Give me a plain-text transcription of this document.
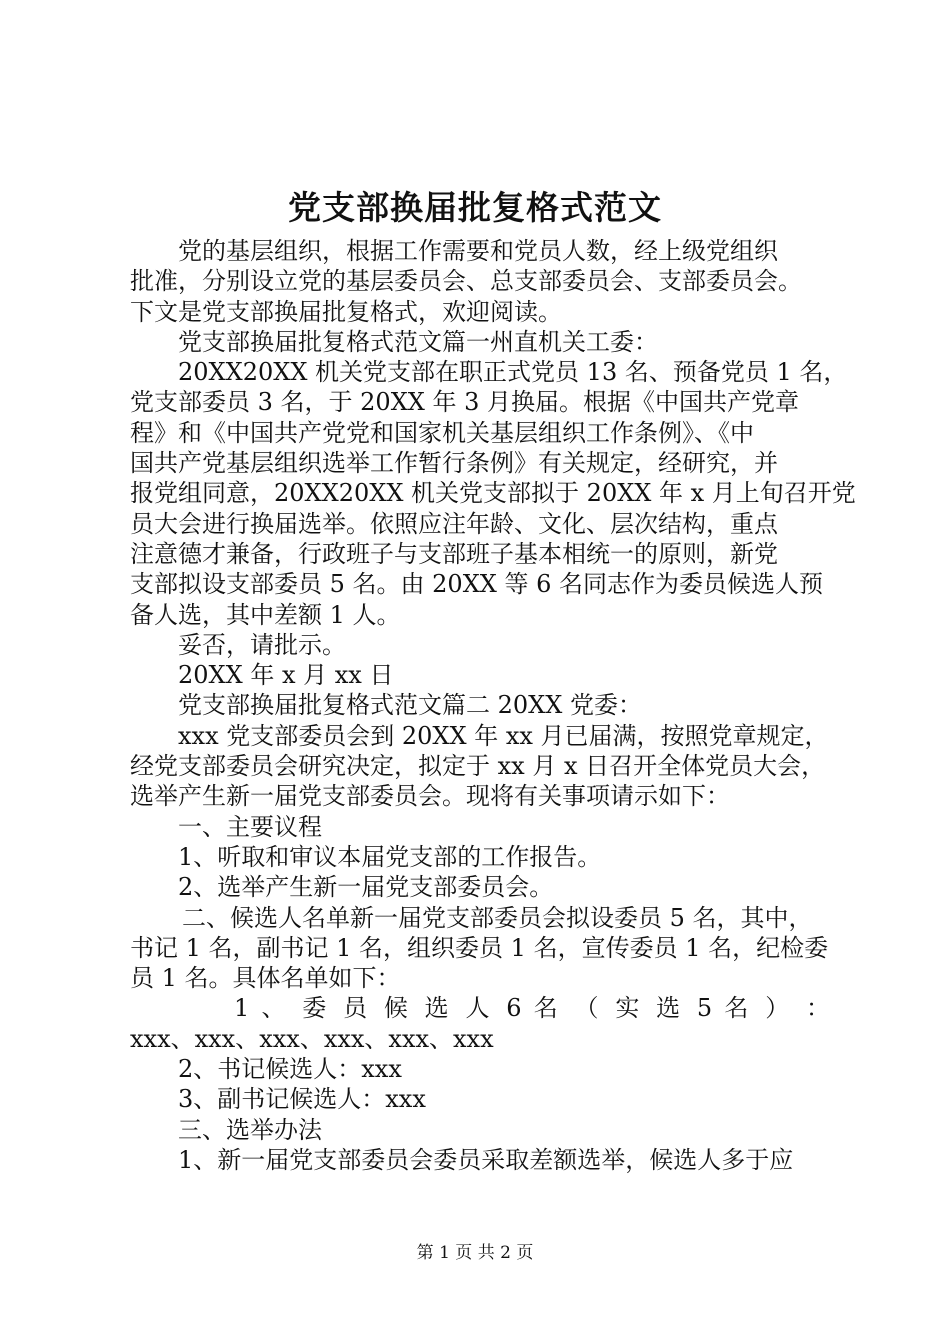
党支部换届批复格式范文
党的基层组织，根据工作需要和党员人数，经上级党组织
批准，分别设立党的基层委员会、总支部委员会、支部委员会。
下文是党支部换届批复格式，欢迎阅读。
党支部换届批复格式范文篇一州直机关工委：
20XX20XX 机关党支部在职正式党员 13 名、预备党员 1 名，
党支部委员 3 名，于 20XX 年 3 月换届。根据《中国共产党章
程》和《中国共产党党和国家机关基层组织工作条例》、《中
国共产党基层组织选举工作暂行条例》有关规定，经研究，并
报党组同意，20XX20XX 机关党支部拟于 20XX 年 x 月上旬召开党
员大会进行换届选举。依照应注年龄、文化、层次结构，重点
注意德才兼备，行政班子与支部班子基本相统一的原则，新党
支部拟设支部委员 5 名。由 20XX 等 6 名同志作为委员候选人预
备人选，其中差额 1 人。
妥否，请批示。
20XX 年 x 月 xx 日
党支部换届批复格式范文篇二 20XX 党委：
xxx 党支部委员会到 20XX 年 xx 月已届满，按照党章规定，
经党支部委员会研究决定，拟定于 xx 月 x 日召开全体党员大会，
选举产生新一届党支部委员会。现将有关事项请示如下：
一、主要议程
1、听取和审议本届党支部的工作报告。
2、选举产生新一届党支部委员会。
二、候选人名单新一届党支部委员会拟设委员 5 名，其中，
书记 1 名，副书记 1 名，组织委员 1 名，宣传委员 1 名，纪检委
员 1 名。具体名单如下：
1 、 委 员 候 选 人 6 名 （ 实 选 5 名 ） ：
xxx、xxx、xxx、xxx、xxx、xxx
2、书记候选人：xxx
3、副书记候选人：xxx
三、选举办法
1、新一届党支部委员会委员采取差额选举，候选人多于应
第 1 页 共 2 页
